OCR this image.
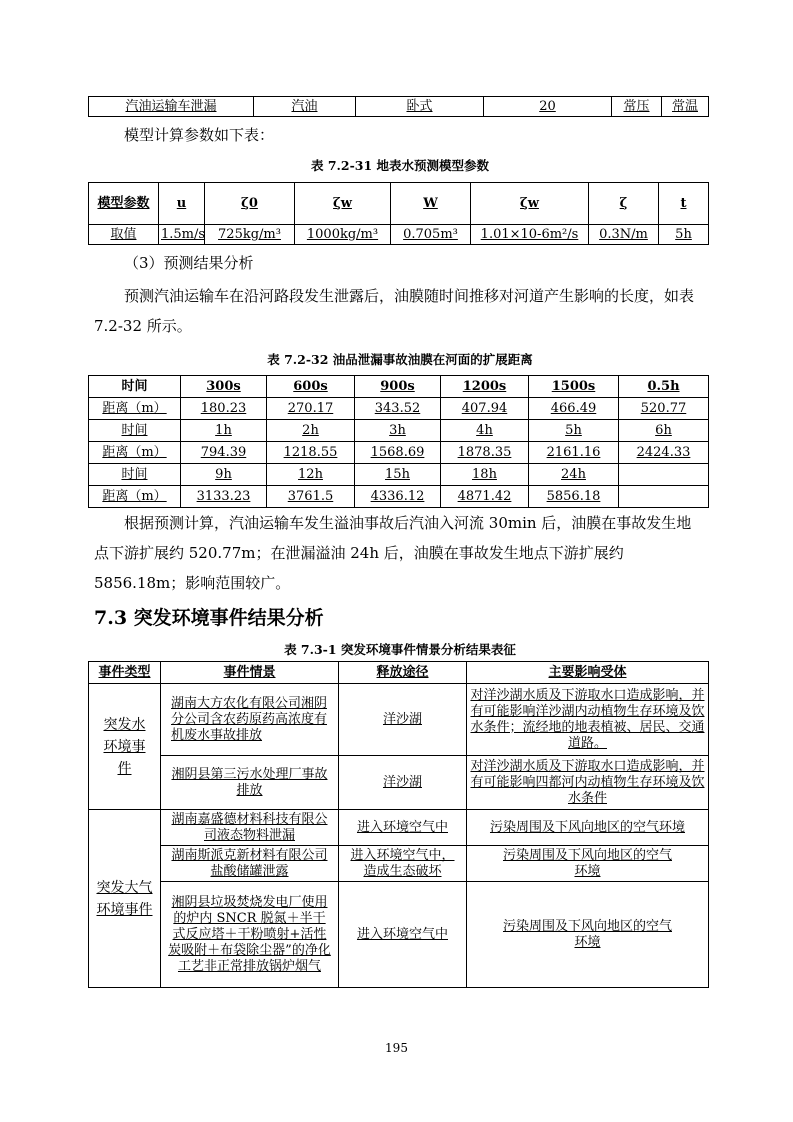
汽油运输车泄漏	汽油	卧式	20	常压	常温
模型计算参数如下表：
表 7.2-31 地表水预测模型参数
模型参数	u	ζ0	ζw	W	ζw	ζ	t
取值	1.5m/s	725kg/m³	1000kg/m³	0.705m³	1.01×10-6m²/s	0.3N/m	5h
（3）预测结果分析
预测汽油运输车在沿河路段发生泄露后，油膜随时间推移对河道产生影响的长度，如表 7.2-32 所示。
表 7.2-32 油品泄漏事故油膜在河面的扩展距离
时间	300s	600s	900s	1200s	1500s	0.5h
距离（m）	180.23	270.17	343.52	407.94	466.49	520.77
时间	1h	2h	3h	4h	5h	6h
距离（m）	794.39	1218.55	1568.69	1878.35	2161.16	2424.33
时间	9h	12h	15h	18h	24h	
距离（m）	3133.23	3761.5	4336.12	4871.42	5856.18	
根据预测计算，汽油运输车发生溢油事故后汽油入河流 30min 后，油膜在事故发生地点下游扩展约 520.77m；在泄漏溢油 24h 后，油膜在事故发生地点下游扩展约 5856.18m；影响范围较广。
7.3 突发环境事件结果分析
表 7.3-1 突发环境事件情景分析结果表征
事件类型	事件情景	释放途径	主要影响受体
突发水环境事件	湖南大方农化有限公司湘阴分公司含农药原药高浓度有机废水事故排放	洋沙湖	对洋沙湖水质及下游取水口造成影响，并有可能影响洋沙湖内动植物生存环境及饮水条件；流经地的地表植被、居民、交通道路。
	湘阴县第三污水处理厂事故排放	洋沙湖	对洋沙湖水质及下游取水口造成影响，并有可能影响四都河内动植物生存环境及饮水条件
突发大气环境事件	湖南嘉盛德材料科技有限公司液态物料泄漏	进入环境空气中	污染周围及下风向地区的空气环境
	湖南斯派克新材料有限公司盐酸储罐泄露	进入环境空气中，造成生态破坏	污染周围及下风向地区的空气环境
	湘阴县垃圾焚烧发电厂使用的炉内 SNCR 脱氮＋半干式反应塔＋干粉喷射+活性炭吸附＋布袋除尘器”的净化工艺非正常排放锅炉烟气	进入环境空气中	污染周围及下风向地区的空气环境
195
